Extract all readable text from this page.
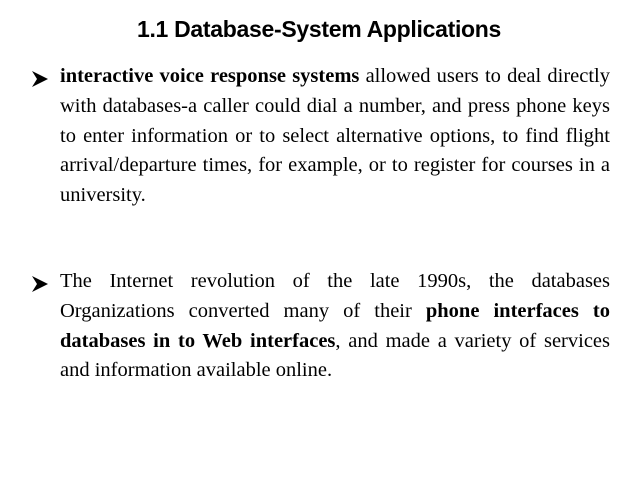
1.1 Database-System Applications
interactive voice response systems allowed users to deal directly with databases-a caller could dial a number, and press phone keys to enter information or to select alternative options, to find flight arrival/departure times, for example, or to register for courses in a university.
The Internet revolution of the late 1990s, the databases Organizations converted many of their phone interfaces to databases in to Web interfaces, and made a variety of services and information available online.
